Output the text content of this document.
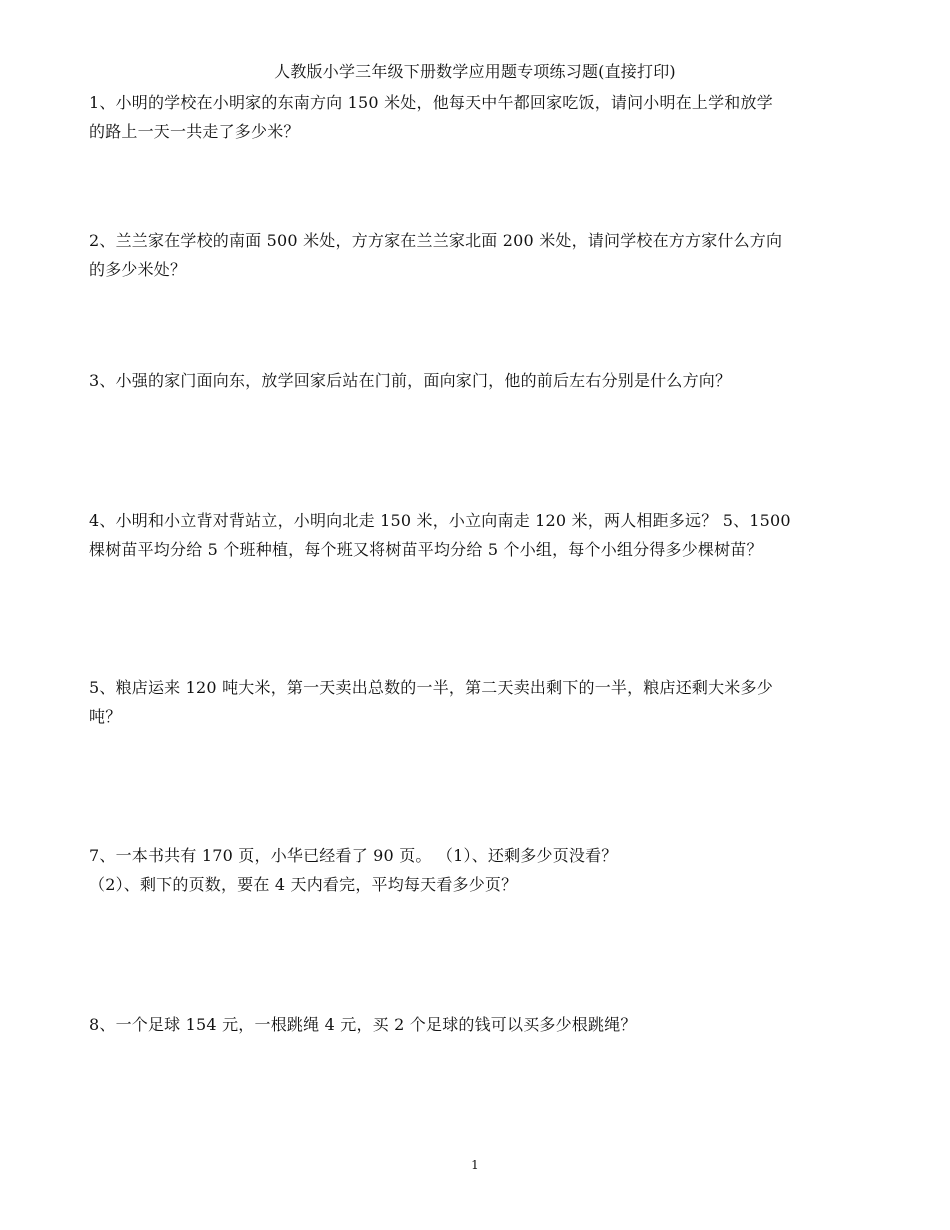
人教版小学三年级下册数学应用题专项练习题(直接打印)

1、小明的学校在小明家的东南方向 150 米处，他每天中午都回家吃饭，请问小明在上学和放学
的路上一天一共走了多少米？

2、兰兰家在学校的南面 500 米处，方方家在兰兰家北面 200 米处，请问学校在方方家什么方向
的多少米处？

3、小强的家门面向东，放学回家后站在门前，面向家门，他的前后左右分别是什么方向？

4、小明和小立背对背站立，小明向北走 150 米，小立向南走 120 米，两人相距多远？ 5、1500
棵树苗平均分给 5 个班种植，每个班又将树苗平均分给 5 个小组，每个小组分得多少棵树苗？

5、粮店运来 120 吨大米，第一天卖出总数的一半，第二天卖出剩下的一半，粮店还剩大米多少
吨？

7、一本书共有 170 页，小华已经看了 90 页。 （1）、还剩多少页没看？
（2）、剩下的页数，要在 4 天内看完，平均每天看多少页？

8、一个足球 154 元，一根跳绳 4 元，买 2 个足球的钱可以买多少根跳绳？

1
